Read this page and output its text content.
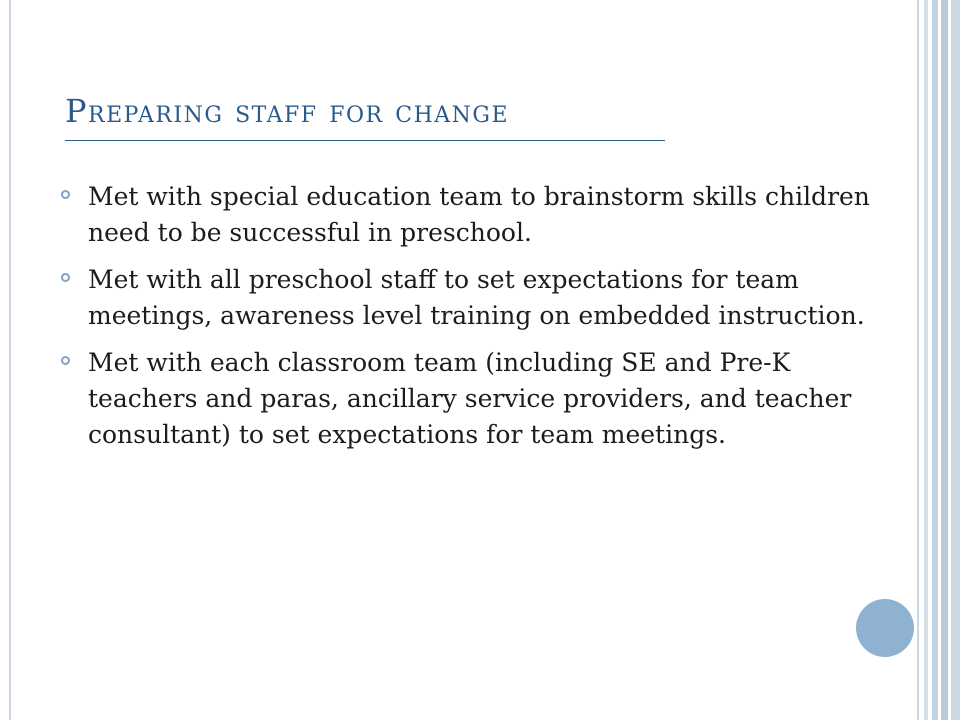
Preparing staff for change
Met with special education team to brainstorm skills children need to be successful in preschool.
Met with all preschool staff to set expectations for team meetings, awareness level training on embedded instruction.
Met with each classroom team (including SE and Pre-K teachers and paras, ancillary service providers, and teacher consultant) to set expectations for team meetings.
